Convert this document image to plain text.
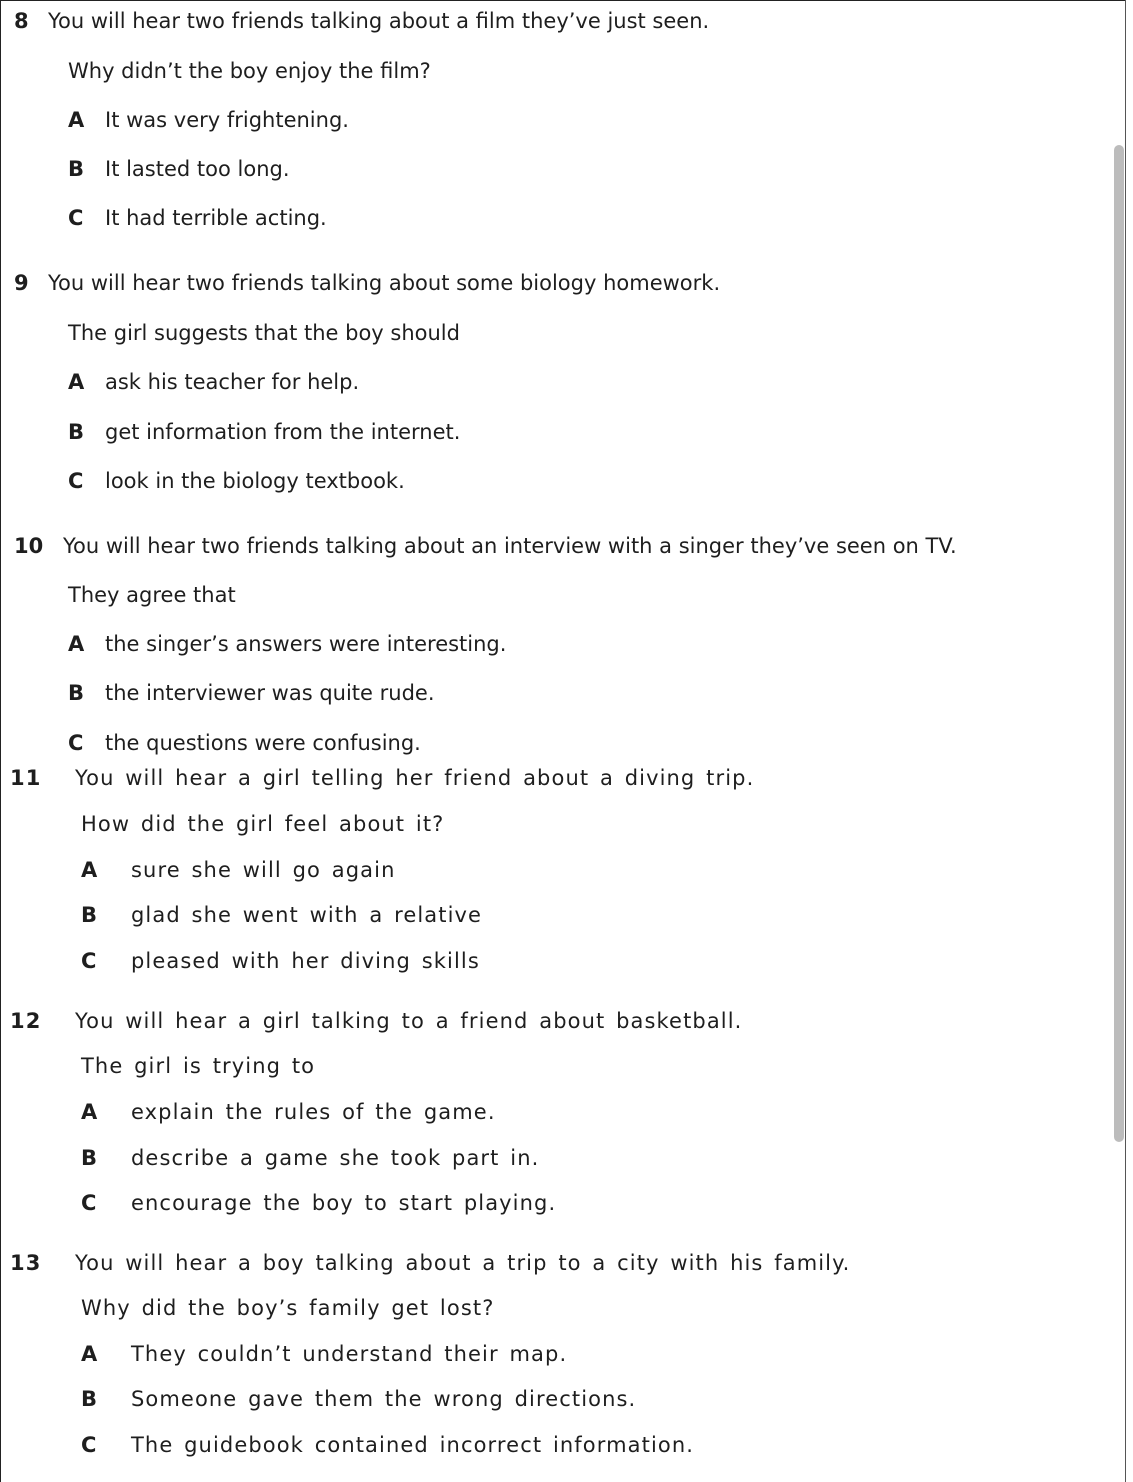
8 You will hear two friends talking about a film they’ve just seen.
Why didn’t the boy enjoy the film?
A It was very frightening.
B It lasted too long.
C It had terrible acting.
9 You will hear two friends talking about some biology homework.
The girl suggests that the boy should
A ask his teacher for help.
B get information from the internet.
C look in the biology textbook.
10 You will hear two friends talking about an interview with a singer they’ve seen on TV.
They agree that
A the singer’s answers were interesting.
B the interviewer was quite rude.
C the questions were confusing.
11 You will hear a girl telling her friend about a diving trip.
How did the girl feel about it?
A sure she will go again
B glad she went with a relative
C pleased with her diving skills
12 You will hear a girl talking to a friend about basketball.
The girl is trying to
A explain the rules of the game.
B describe a game she took part in.
C encourage the boy to start playing.
13 You will hear a boy talking about a trip to a city with his family.
Why did the boy’s family get lost?
A They couldn’t understand their map.
B Someone gave them the wrong directions.
C The guidebook contained incorrect information.
